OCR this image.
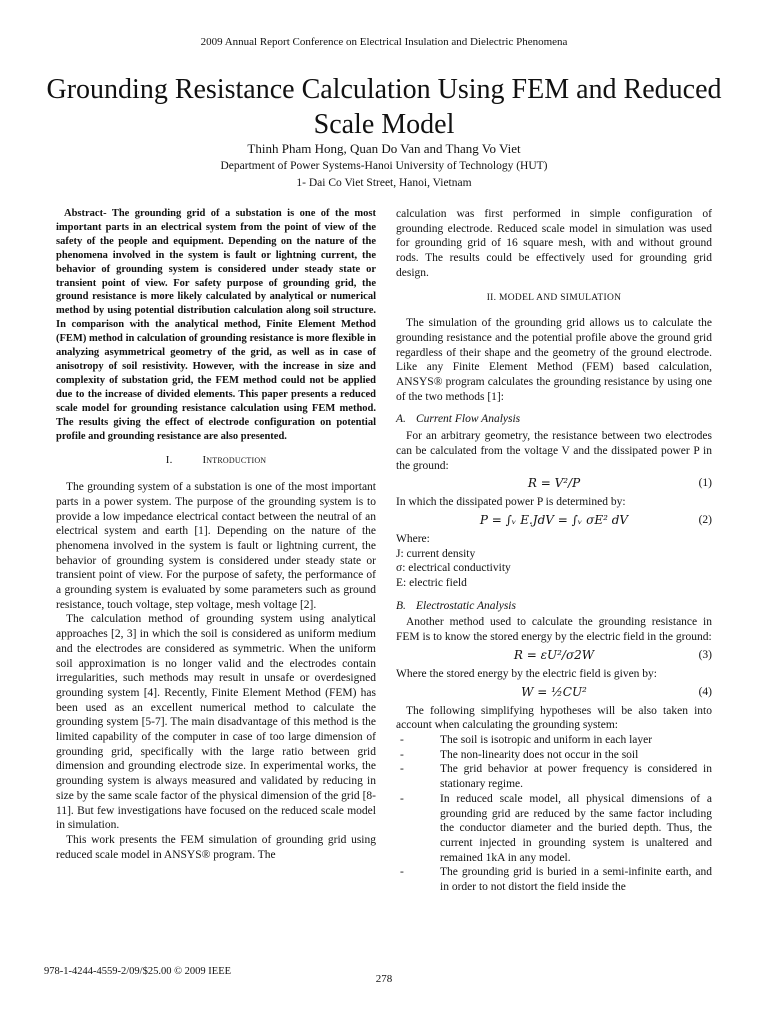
2009 Annual Report Conference on Electrical Insulation and Dielectric Phenomena
Grounding Resistance Calculation Using FEM and Reduced Scale Model
Thinh Pham Hong, Quan Do Van and Thang Vo Viet
Department of Power Systems-Hanoi University of Technology (HUT)
1- Dai Co Viet Street, Hanoi, Vietnam

Abstract- The grounding grid of a substation is one of the most important parts in an electrical system from the point of view of the safety of the people and equipment. Depending on the nature of the phenomena involved in the system is fault or lightning current, the behavior of grounding system is considered under steady state or transient point of view. For safety purpose of grounding grid, the ground resistance is more likely calculated by analytical or numerical method by using potential distribution calculation along soil structure. In comparison with the analytical method, Finite Element Method (FEM) method in calculation of grounding resistance is more flexible in analyzing asymmetrical geometry of the grid, as well as in case of anisotropy of soil resistivity. However, with the increase in size and complexity of substation grid, the FEM method could not be applied due to the increase of divided elements. This paper presents a reduced scale model for grounding resistance calculation using FEM method. The results giving the effect of electrode configuration on potential profile and grounding resistance are also presented.

I.	Introduction

The grounding system of a substation is one of the most important parts in a power system. The purpose of the grounding system is to provide a low impedance electrical contact between the neutral of an electrical system and earth [1]. Depending on the nature of the phenomena involved in the system is fault or lightning current, the behavior of grounding system is considered under steady state or transient point of view. For the purpose of safety, the performance of a grounding system is evaluated by some parameters such as ground resistance, touch voltage, step voltage, mesh voltage [2].

The calculation method of grounding system using analytical approaches [2, 3] in which the soil is considered as uniform medium and the electrodes are considered as symmetric. When the uniform soil approximation is no longer valid and the electrodes contain irregularities, such methods may result in unsafe or overdesigned grounding system [4]. Recently, Finite Element Method (FEM) has been used as an excellent numerical method to calculate the grounding system [5-7]. The main disadvantage of this method is the limited capability of the computer in case of too large dimension of grounding grid, specifically with the large ratio between grid dimension and grounding electrode size. In experimental works, the grounding system is always measured and validated by reducing in size by the same scale factor of the physical dimension of the grid [8-11]. But few investigations have focused on the reduced scale model in simulation.

This work presents the FEM simulation of grounding grid using reduced scale model in ANSYS® program. The

calculation was first performed in simple configuration of grounding electrode. Reduced scale model in simulation was used for grounding grid of 16 square mesh, with and without ground rods. The results could be effectively used for grounding grid design.

II. MODEL AND SIMULATION

The simulation of the grounding grid allows us to calculate the grounding resistance and the potential profile above the ground grid regardless of their shape and the geometry of the ground electrode. Like any Finite Element Method (FEM) based calculation, ANSYS® program calculates the grounding resistance by using one of the two methods [1]:

A. Current Flow Analysis

For an arbitrary geometry, the resistance between two electrodes can be calculated from the voltage V and the dissipated power P in the ground:

R = V²/P	(1)

In which the dissipated power P is determined by:

P = ∫ᵥ E.JdV = ∫ᵥ σE² dV	(2)

Where:

J: current density
σ: electrical conductivity
E: electric field
B. Electrostatic Analysis

Another method used to calculate the grounding resistance in FEM is to know the stored energy by the electric field in the ground:

R = εU²/σ2W	(3)

Where the stored energy by the electric field is given by:

W = ½CU²	(4)

The following simplifying hypotheses will be also taken into account when calculating the grounding system:

-	The soil is isotropic and uniform in each layer
-	The non-linearity does not occur in the soil
-	The grid behavior at power frequency is considered in stationary regime.
-	In reduced scale model, all physical dimensions of a grounding grid are reduced by the same factor including the conductor diameter and the buried depth. Thus, the current injected in grounding system is unaltered and remained 1kA in any model.
-	The grounding grid is buried in a semi-infinite earth, and in order to not distort the field inside the
978-1-4244-4559-2/09/$25.00 © 2009 IEEE
278
